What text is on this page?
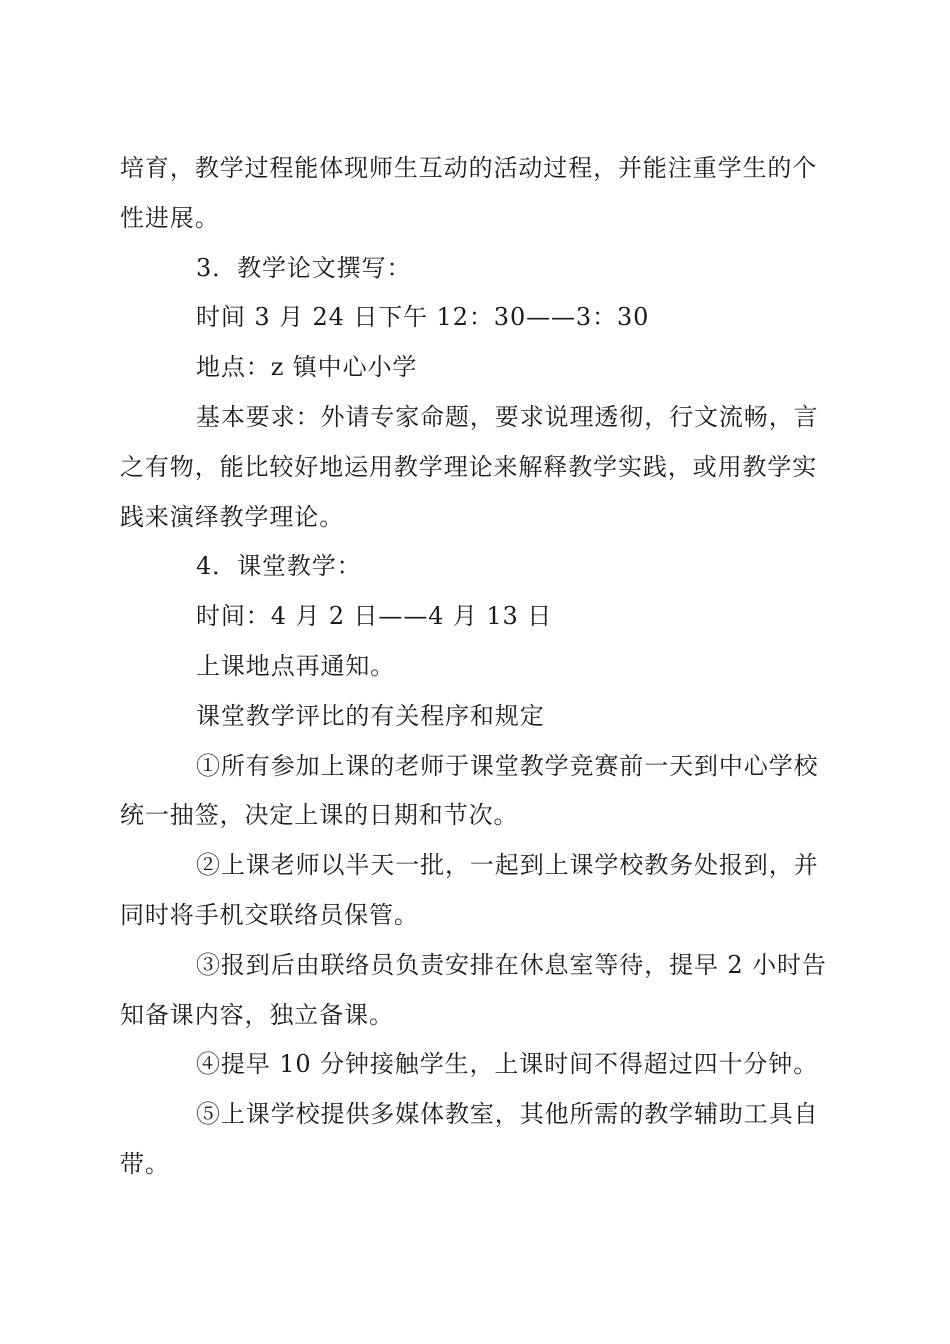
培育，教学过程能体现师生互动的活动过程，并能注重学生的个

性进展。

3．教学论文撰写：

时间 3 月 24 日下午 12：30——3：30

地点：z 镇中心小学

基本要求：外请专家命题，要求说理透彻，行文流畅，言

之有物，能比较好地运用教学理论来解释教学实践，或用教学实

践来演绎教学理论。

4．课堂教学：

时间：4 月 2 日——4 月 13 日

上课地点再通知。

课堂教学评比的有关程序和规定

①所有参加上课的老师于课堂教学竞赛前一天到中心学校

统一抽签，决定上课的日期和节次。

②上课老师以半天一批，一起到上课学校教务处报到，并

同时将手机交联络员保管。

③报到后由联络员负责安排在休息室等待，提早 2 小时告

知备课内容，独立备课。

④提早 10 分钟接触学生，上课时间不得超过四十分钟。

⑤上课学校提供多媒体教室，其他所需的教学辅助工具自

带。
